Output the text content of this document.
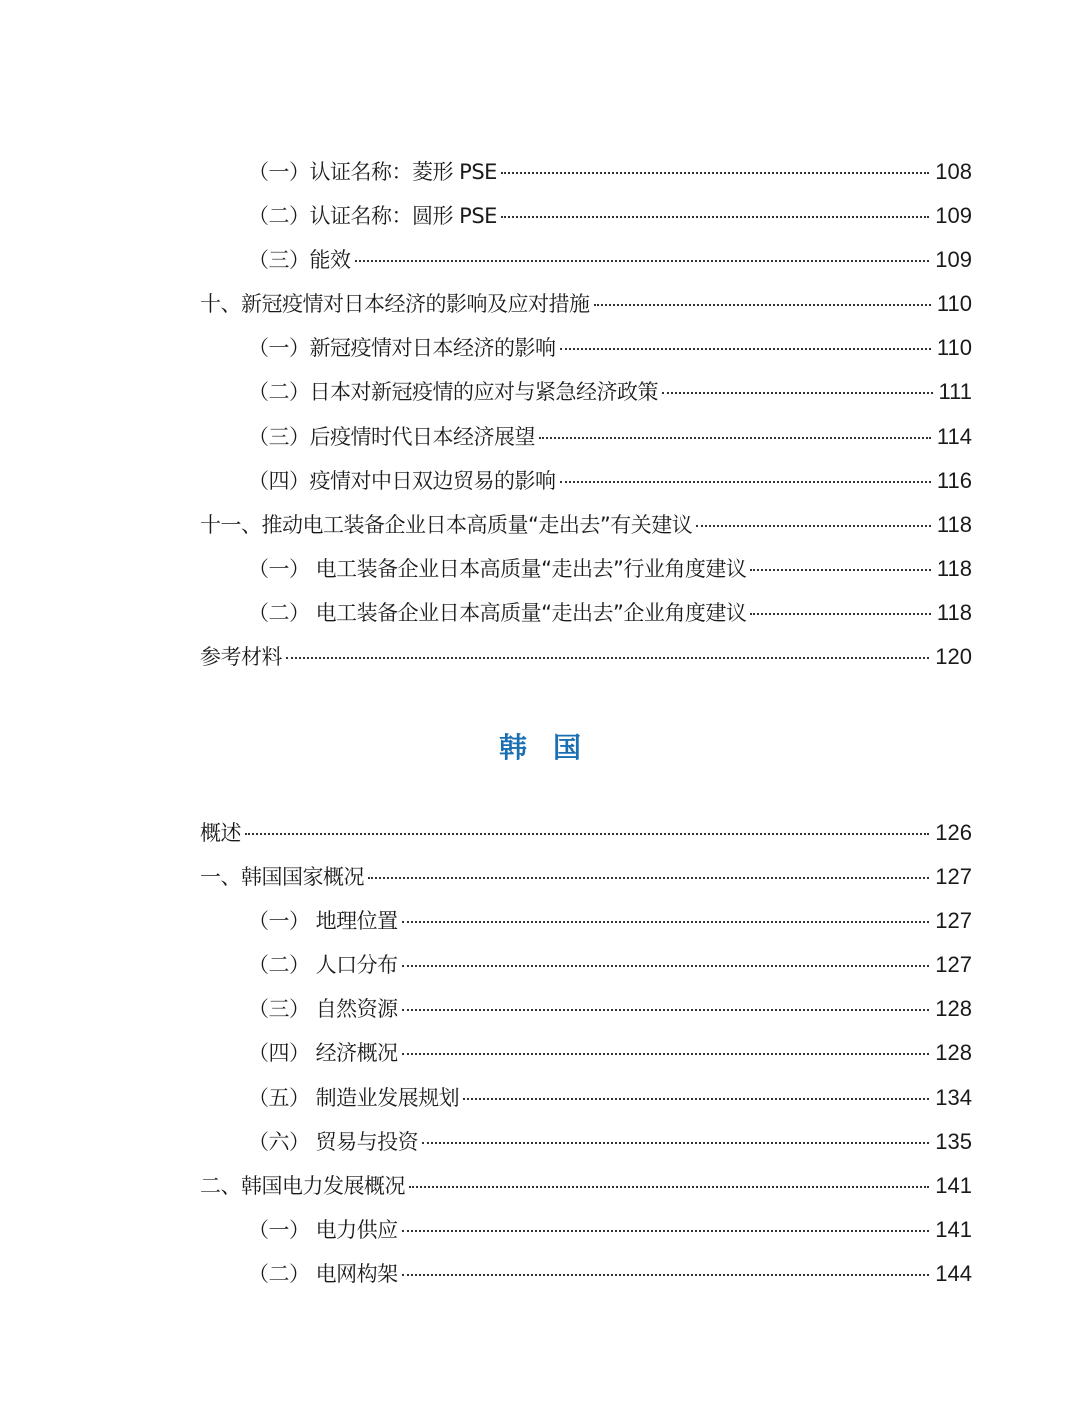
（一）认证名称：菱形 PSE	108
（二）认证名称：圆形 PSE	109
（三）能效	109
十、新冠疫情对日本经济的影响及应对措施	110
（一）新冠疫情对日本经济的影响	110
（二）日本对新冠疫情的应对与紧急经济政策	111
（三）后疫情时代日本经济展望	114
（四）疫情对中日双边贸易的影响	116
十一、推动电工装备企业日本高质量“走出去”有关建议	118
（一） 电工装备企业日本高质量“走出去”行业角度建议	118
（二） 电工装备企业日本高质量“走出去”企业角度建议	118
参考材料	120
韩国
概述	126
一、韩国国家概况	127
（一） 地理位置	127
（二） 人口分布	127
（三） 自然资源	128
（四） 经济概况	128
（五） 制造业发展规划	134
（六） 贸易与投资	135
二、韩国电力发展概况	141
（一） 电力供应	141
（二） 电网构架	144
